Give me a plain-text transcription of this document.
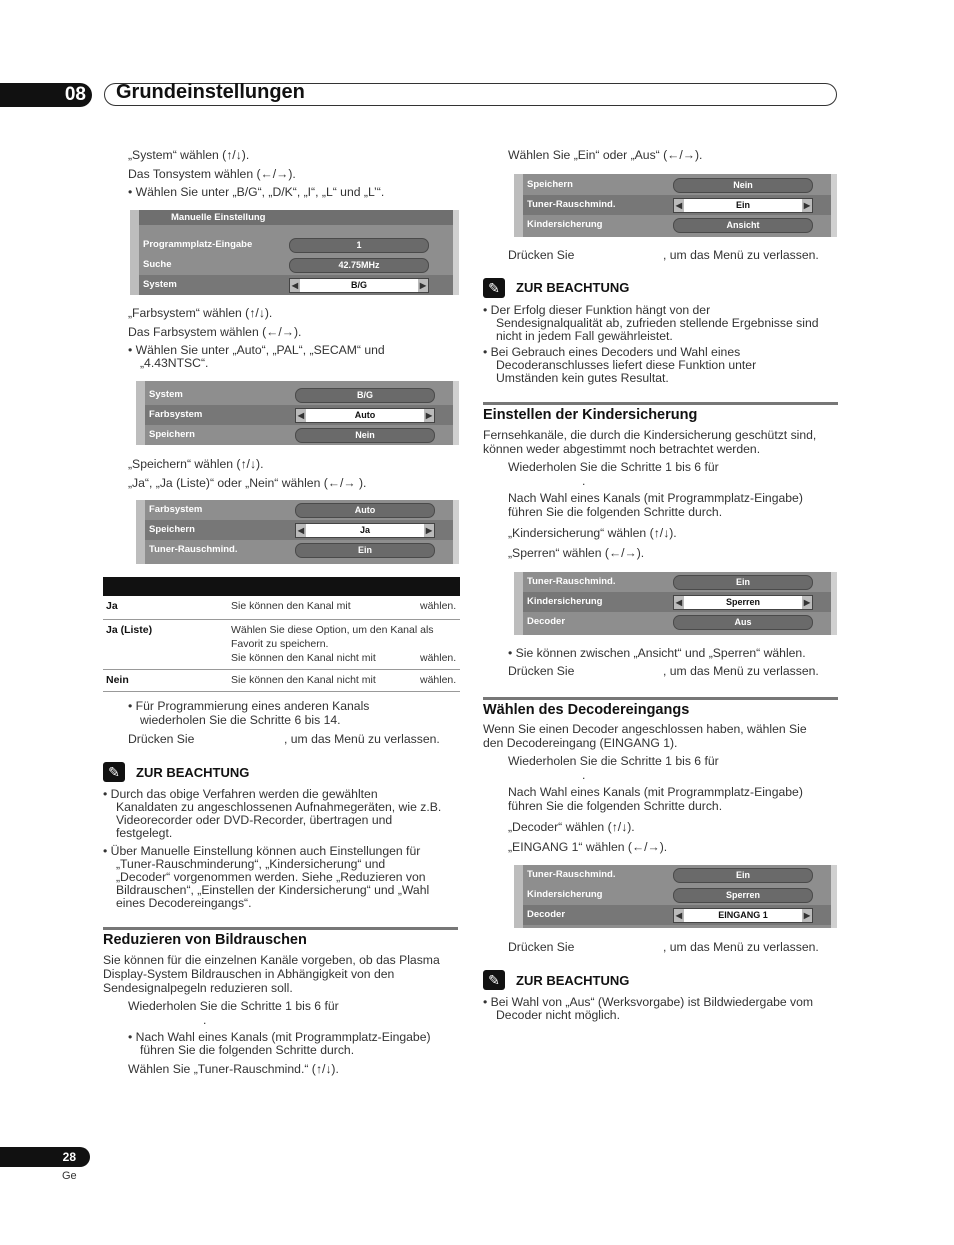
08	Grundeinstellungen
„System“ wählen (↑/↓).
Das Tonsystem wählen (←/→).
• Wählen Sie unter „B/G“, „D/K“, „I“, „L“ und „L’“.
Manuelle Einstellung
Programmplatz-Eingabe	1
Suche	42.75MHz
System	◀	B/G	▶
„Farbsystem“ wählen (↑/↓).
Das Farbsystem wählen (←/→).
• Wählen Sie unter „Auto“, „PAL“, „SECAM“ und
„4.43NTSC“.
System	B/G
Farbsystem	◀	Auto	▶
Speichern	Nein
„Speichern“ wählen (↑/↓).
„Ja“, „Ja (Liste)“ oder „Nein“ wählen (←/→ ).
Farbsystem	Auto
Speichern	◀	Ja	▶
Tuner-Rauschmind.	Ein
Ja	Sie können den Kanal mit	wählen.
Ja (Liste)	Wählen Sie diese Option, um den Kanal als
Favorit zu speichern.
Sie können den Kanal nicht mit	wählen.
Nein	Sie können den Kanal nicht mit	wählen.
• Für Programmierung eines anderen Kanals
wiederholen Sie die Schritte 6 bis 14.
Drücken Sie	, um das Menü zu verlassen.
✎	ZUR BEACHTUNG
• Durch das obige Verfahren werden die gewählten
Kanaldaten zu angeschlossenen Aufnahmegeräten, wie z.B.
Videorecorder oder DVD-Recorder, übertragen und
festgelegt.
• Über Manuelle Einstellung können auch Einstellungen für
„Tuner-Rauschminderung“, „Kindersicherung“ und
„Decoder“ vorgenommen werden. Siehe „Reduzieren von
Bildrauschen“, „Einstellen der Kindersicherung“ und „Wahl
eines Decodereingangs“.
Reduzieren von Bildrauschen
Sie können für die einzelnen Kanäle vorgeben, ob das Plasma
Display-System Bildrauschen in Abhängigkeit von den
Sendesignalpegeln reduzieren soll.
Wiederholen Sie die Schritte 1 bis 6 für
.
• Nach Wahl eines Kanals (mit Programmplatz-Eingabe)
führen Sie die folgenden Schritte durch.
Wählen Sie „Tuner-Rauschmind.“ (↑/↓).
Wählen Sie „Ein“ oder „Aus“ (←/→).
Speichern	Nein
Tuner-Rauschmind.	◀	Ein	▶
Kindersicherung	Ansicht
Drücken Sie	, um das Menü zu verlassen.
✎	ZUR BEACHTUNG
• Der Erfolg dieser Funktion hängt von der
Sendesignalqualität ab, zufrieden stellende Ergebnisse sind
nicht in jedem Fall gewährleistet.
• Bei Gebrauch eines Decoders und Wahl eines
Decoderanschlusses liefert diese Funktion unter
Umständen kein gutes Resultat.
Einstellen der Kindersicherung
Fernsehkanäle, die durch die Kindersicherung geschützt sind,
können weder abgestimmt noch betrachtet werden.
Wiederholen Sie die Schritte 1 bis 6 für
.
Nach Wahl eines Kanals (mit Programmplatz-Eingabe)
führen Sie die folgenden Schritte durch.
„Kindersicherung“ wählen (↑/↓).
„Sperren“ wählen (←/→).
Tuner-Rauschmind.	Ein
Kindersicherung	◀	Sperren	▶
Decoder	Aus
• Sie können zwischen „Ansicht“ und „Sperren“ wählen.
Drücken Sie	, um das Menü zu verlassen.
Wählen des Decodereingangs
Wenn Sie einen Decoder angeschlossen haben, wählen Sie
den Decodereingang (EINGANG 1).
Wiederholen Sie die Schritte 1 bis 6 für
.
Nach Wahl eines Kanals (mit Programmplatz-Eingabe)
führen Sie die folgenden Schritte durch.
„Decoder“ wählen (↑/↓).
„EINGANG 1“ wählen (←/→).
Tuner-Rauschmind.	Ein
Kindersicherung	Sperren
Decoder	◀	EINGANG 1	▶
Drücken Sie	, um das Menü zu verlassen.
✎	ZUR BEACHTUNG
• Bei Wahl von „Aus“ (Werksvorgabe) ist Bildwiedergabe vom
Decoder nicht möglich.
28
Ge
